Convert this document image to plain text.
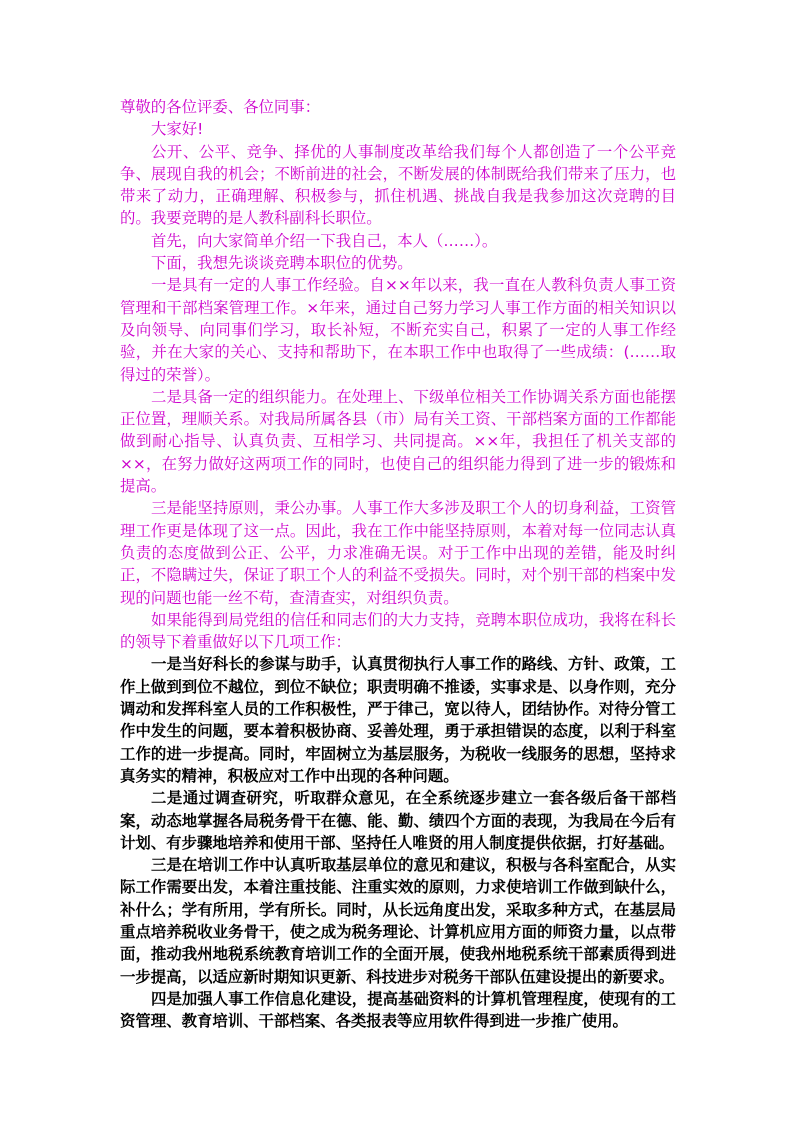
尊敬的各位评委、各位同事：

大家好!

公开、公平、竞争、择优的人事制度改革给我们每个人都创造了一个公平竞争、展现自我的机会；不断前进的社会，不断发展的体制既给我们带来了压力，也带来了动力，正确理解、积极参与，抓住机遇、挑战自我是我参加这次竞聘的目的。我要竞聘的是人教科副科长职位。

首先，向大家简单介绍一下我自己，本人（……）。

下面，我想先谈谈竞聘本职位的优势。

一是具有一定的人事工作经验。自××年以来，我一直在人教科负责人事工资管理和干部档案管理工作。×年来，通过自己努力学习人事工作方面的相关知识以及向领导、向同事们学习，取长补短，不断充实自己，积累了一定的人事工作经验，并在大家的关心、支持和帮助下，在本职工作中也取得了一些成绩：(……取得过的荣誉）。

二是具备一定的组织能力。在处理上、下级单位相关工作协调关系方面也能摆正位置，理顺关系。对我局所属各县（市）局有关工资、干部档案方面的工作都能做到耐心指导、认真负责、互相学习、共同提高。××年，我担任了机关支部的××，在努力做好这两项工作的同时，也使自己的组织能力得到了进一步的锻炼和提高。

三是能坚持原则，秉公办事。人事工作大多涉及职工个人的切身利益，工资管理工作更是体现了这一点。因此，我在工作中能坚持原则，本着对每一位同志认真负责的态度做到公正、公平，力求准确无误。对于工作中出现的差错，能及时纠正，不隐瞒过失，保证了职工个人的利益不受损失。同时，对个别干部的档案中发现的问题也能一丝不苟，查清查实，对组织负责。

如果能得到局党组的信任和同志们的大力支持，竞聘本职位成功，我将在科长的领导下着重做好以下几项工作：

一是当好科长的参谋与助手，认真贯彻执行人事工作的路线、方针、政策，工作上做到到位不越位，到位不缺位；职责明确不推诿，实事求是、以身作则，充分调动和发挥科室人员的工作积极性，严于律己，宽以待人，团结协作。对待分管工作中发生的问题，要本着积极协商、妥善处理，勇于承担错误的态度，以利于科室工作的进一步提高。同时，牢固树立为基层服务，为税收一线服务的思想，坚持求真务实的精神，积极应对工作中出现的各种问题。

二是通过调查研究，听取群众意见，在全系统逐步建立一套各级后备干部档案，动态地掌握各局税务骨干在德、能、勤、绩四个方面的表现，为我局在今后有计划、有步骤地培养和使用干部、坚持任人唯贤的用人制度提供依据，打好基础。

三是在培训工作中认真听取基层单位的意见和建议，积极与各科室配合，从实际工作需要出发，本着注重技能、注重实效的原则，力求使培训工作做到缺什么，补什么；学有所用，学有所长。同时，从长远角度出发，采取多种方式，在基层局重点培养税收业务骨干，使之成为税务理论、计算机应用方面的师资力量，以点带面，推动我州地税系统教育培训工作的全面开展，使我州地税系统干部素质得到进一步提高，以适应新时期知识更新、科技进步对税务干部队伍建设提出的新要求。

四是加强人事工作信息化建设，提高基础资料的计算机管理程度，使现有的工资管理、教育培训、干部档案、各类报表等应用软件得到进一步推广使用。
